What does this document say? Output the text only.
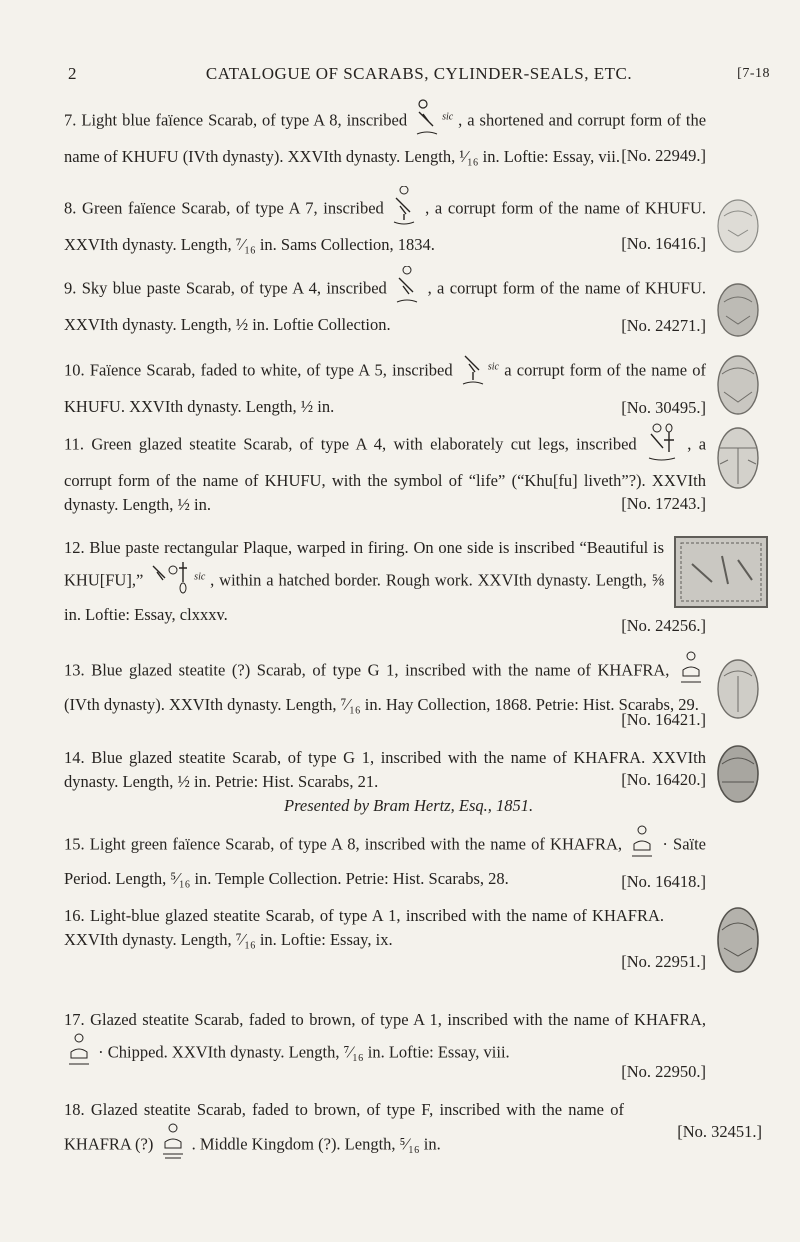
2	CATALOGUE OF SCARABS, CYLINDER-SEALS, ETC.	[7-18
7. Light blue faïence Scarab, of type A 8, inscribed	$^{sic}$ , a shortened and corrupt form of the name of KHUFU (IVth dynasty). XXVIth dynasty. Length, ¹⁄₁₆ in. Loftie: Essay, vii. [No. 22949.]
8. Green faïence Scarab, of type A 7, inscribed	, a corrupt form of the name of KHUFU. XXVIth dynasty. Length, ⁷⁄₁₆ in. Sams Collection, 1834.	[No. 16416.]
9. Sky blue paste Scarab, of type A 4, inscribed , a corrupt form of the name of KHUFU. XXVIth dynasty. Length, ½ in. Loftie Collection.	[No. 24271.]
10. Faïence Scarab, faded to white, of type A 5, inscribed	$^{sic}$ a corrupt form of the name of KHUFU. XXVIth dynasty. Length, ½ in.	[No. 30495.]
11. Green glazed steatite Scarab, of type A 4, with elaborately cut legs, inscribed	, a corrupt form of the name of KHUFU, with the symbol of “life” (“Khu[fu] liveth”?). XXVIth dynasty. Length, ½ in.	[No. 17243.]
12. Blue paste rectangular Plaque, warped in firing. On one side is inscribed “Beautiful is KHU[FU],”	$^{sic}$ , within a hatched border. Rough work. XXVIth dynasty. Length, ⅝ in. Loftie: Essay, clxxxv.
[No. 24256.]
13. Blue glazed steatite (?) Scarab, of type G 1, inscribed with the name of KHAFRA,  (IVth dynasty). XXVIth dynasty. Length, ⁷⁄₁₆ in. Hay Collection, 1868. Petrie: Hist. Scarabs, 29.
[No. 16421.]
14. Blue glazed steatite Scarab, of type G 1, inscribed with the name of KHAFRA. XXVIth dynasty. Length, ½ in. Petrie: Hist. Scarabs, 21.
Presented by Bram Hertz, Esq., 1851.
[No. 16420.]
15. Light green faïence Scarab, of type A 8, inscribed with the name of KHAFRA, · Saïte Period. Length, ⁵⁄₁₆ in. Temple Collection. Petrie: Hist. Scarabs, 28.	[No. 16418.]
16. Light-blue glazed steatite Scarab, of type A 1, inscribed with the name of KHAFRA. XXVIth dynasty. Length, ⁷⁄₁₆ in. Loftie: Essay, ix.
[No. 22951.]
17. Glazed steatite Scarab, faded to brown, of type A 1, inscribed with the name of KHAFRA,  · Chipped. XXVIth dynasty. Length, ⁷⁄₁₆ in. Loftie: Essay, viii.
[No. 22950.]
18. Glazed steatite Scarab, faded to brown, of type F, inscribed with the name of KHAFRA (?) . Middle Kingdom (?). Length, ⁵⁄₁₆ in.
[No. 32451.]
